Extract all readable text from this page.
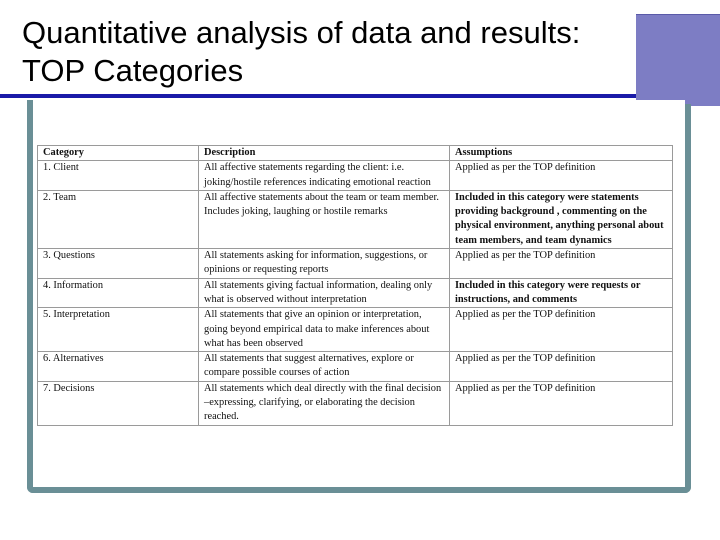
Quantitative analysis of data and results:
TOP Categories
Category	Description	Assumptions
1. Client	All affective statements regarding the client: i.e. joking/hostile references indicating emotional reaction	Applied as per the TOP definition
2. Team	All affective statements about the team or team member. Includes joking, laughing or hostile remarks	Included in this category were statements providing background , commenting on the physical environment, anything personal about team members, and team dynamics
3. Questions	All statements asking for information, suggestions, or opinions or requesting reports	Applied as per the TOP definition
4. Information	All statements giving factual information, dealing only what is observed without interpretation	Included in this category were requests or instructions, and comments
5. Interpretation	All statements that give an opinion or interpretation, going beyond empirical data to make inferences about what has been observed	Applied as per the TOP definition
6. Alternatives	All statements that suggest alternatives, explore or compare possible courses of action	Applied as per the TOP definition
7. Decisions	All statements which deal directly with the final decision –expressing, clarifying, or elaborating the decision reached.	Applied as per the TOP definition
